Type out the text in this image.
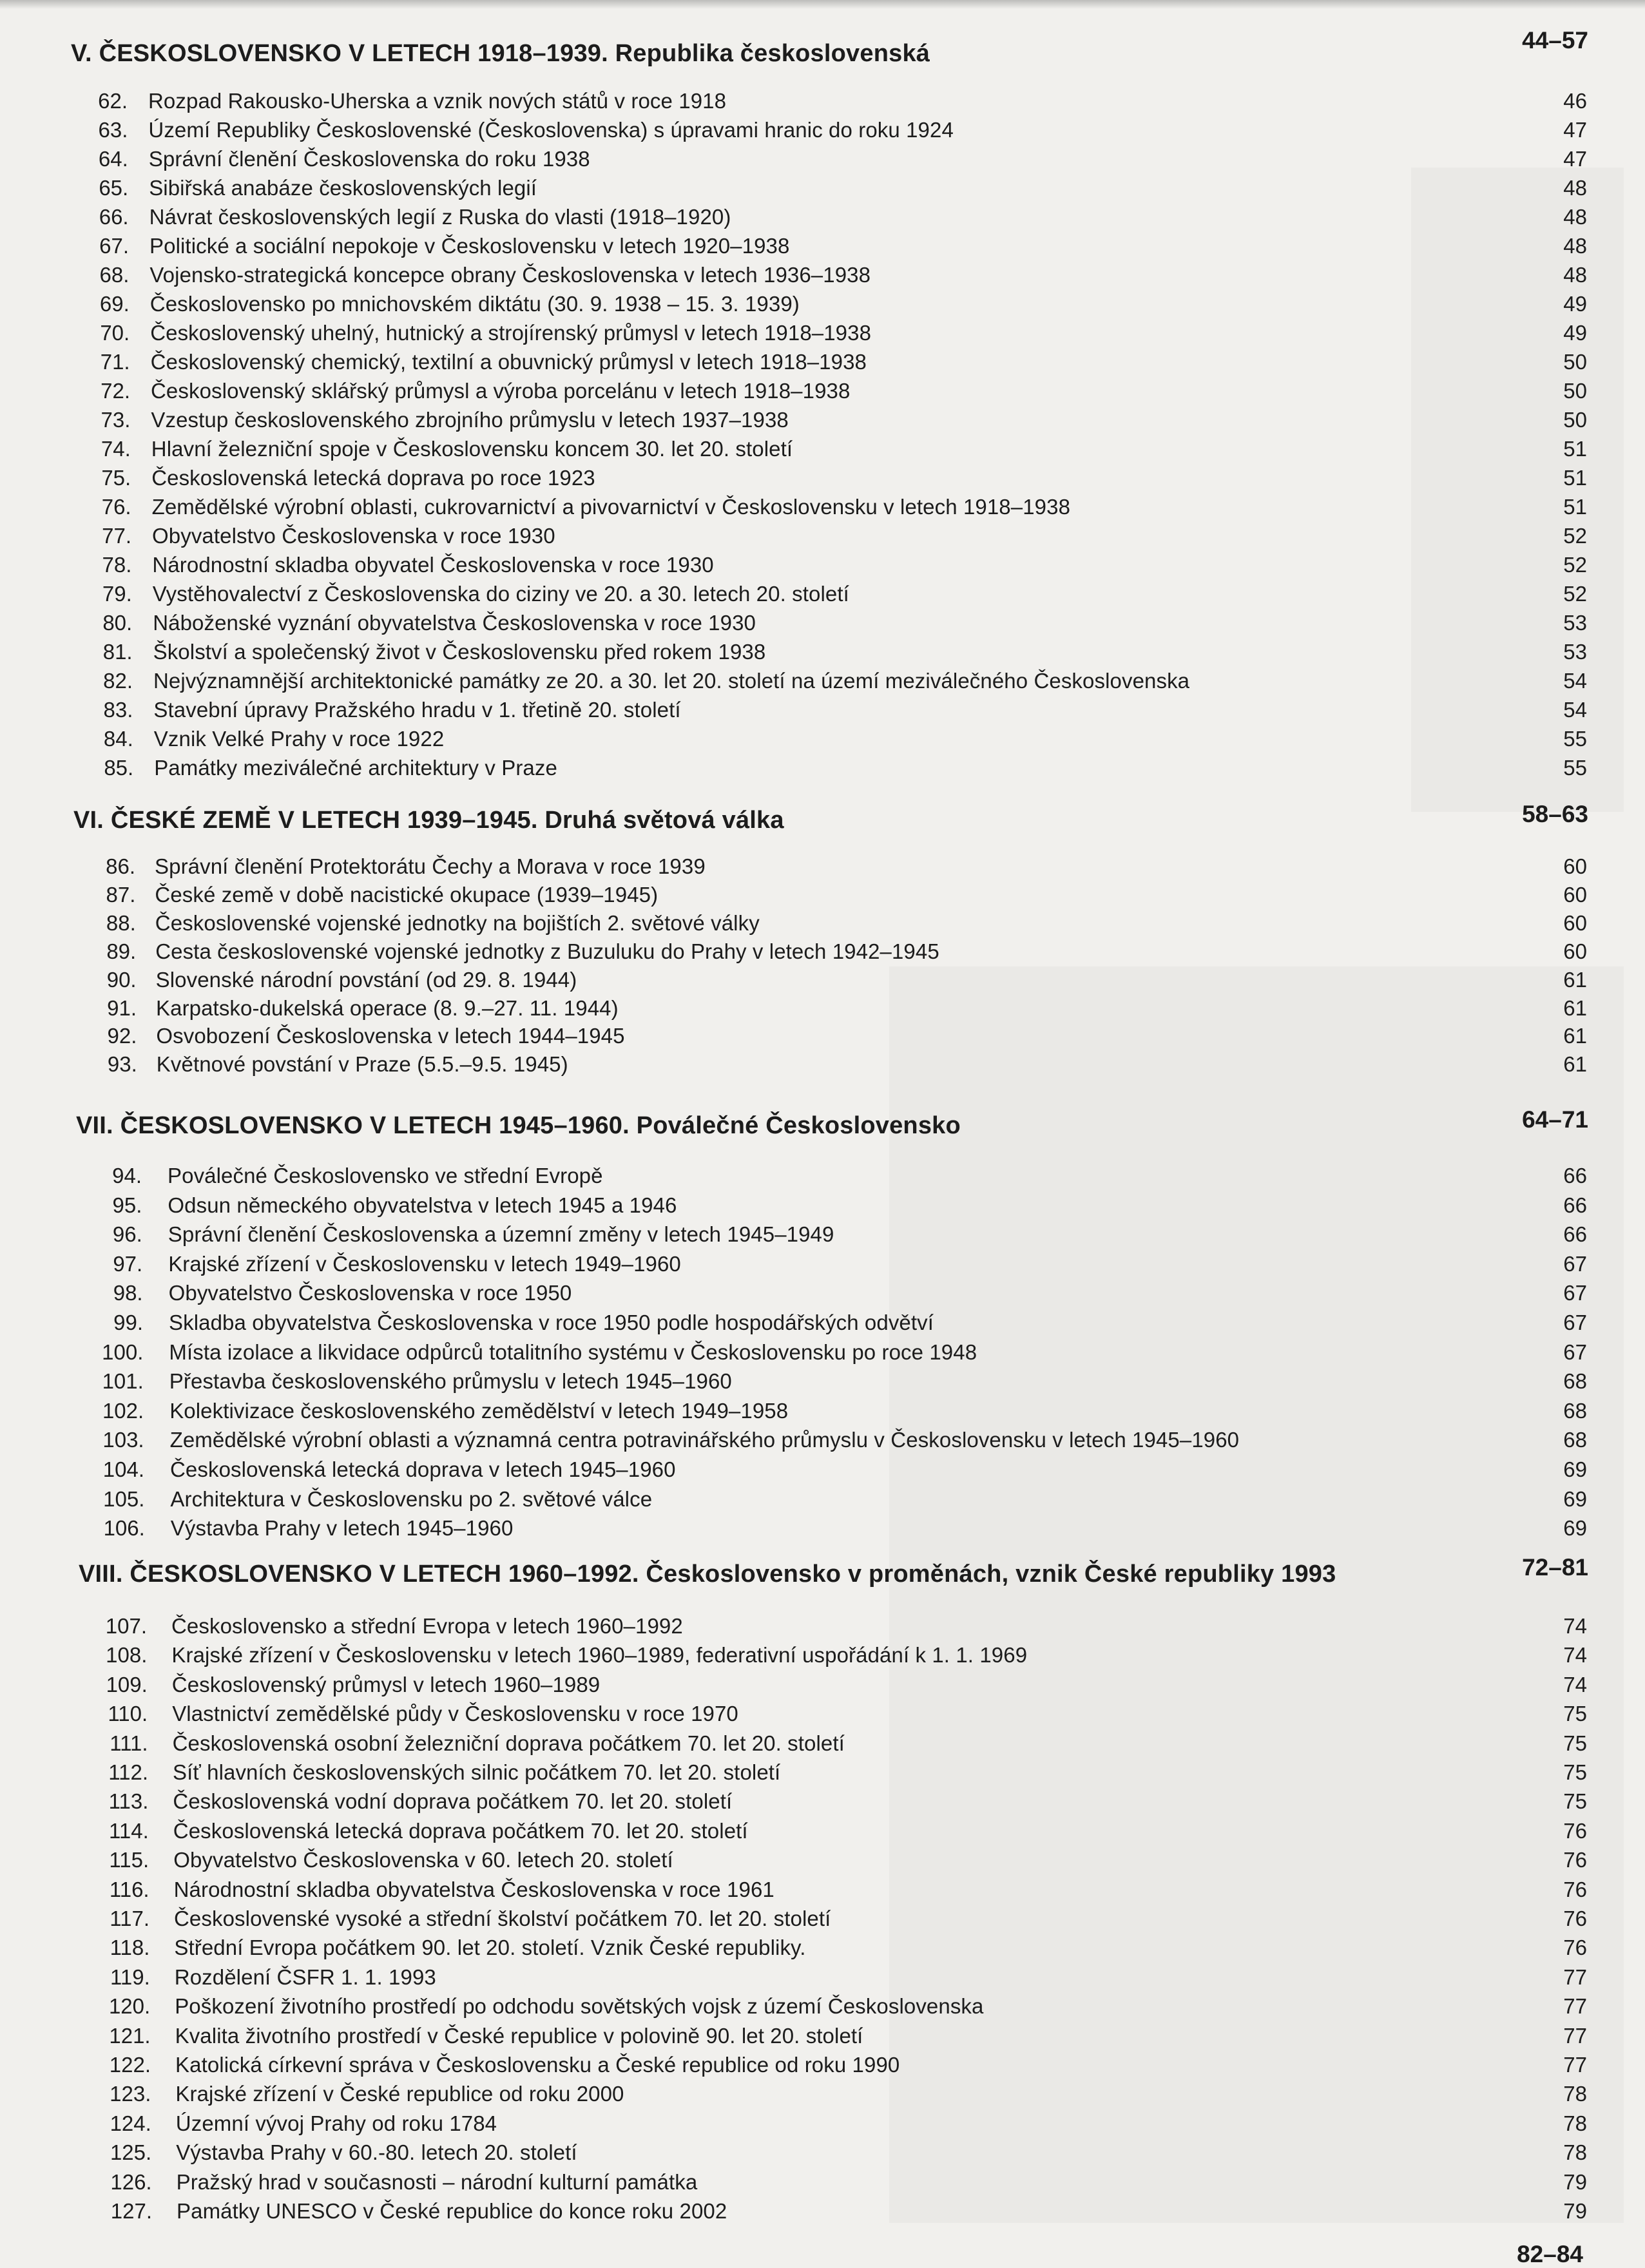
V. ČESKOSLOVENSKO V LETECH 1918–1939. Republika československá	44–57
62. Rozpad Rakousko-Uherska a vznik nových států v roce 1918	46
63. Území Republiky Československé (Československa) s úpravami hranic do roku 1924	47
64. Správní členění Československa do roku 1938	47
65. Sibiřská anabáze československých legií	48
66. Návrat československých legií z Ruska do vlasti (1918–1920)	48
67. Politické a sociální nepokoje v Československu v letech 1920–1938	48
68. Vojensko-strategická koncepce obrany Československa v letech 1936–1938	48
69. Československo po mnichovském diktátu (30. 9. 1938 – 15. 3. 1939)	49
70. Československý uhelný, hutnický a strojírenský průmysl v letech 1918–1938	49
71. Československý chemický, textilní a obuvnický průmysl v letech 1918–1938	50
72. Československý sklářský průmysl a výroba porcelánu v letech 1918–1938	50
73. Vzestup československého zbrojního průmyslu v letech 1937–1938	50
74. Hlavní železniční spoje v Československu koncem 30. let 20. století	51
75. Československá letecká doprava po roce 1923	51
76. Zemědělské výrobní oblasti, cukrovarnictví a pivovarnictví v Československu v letech 1918–1938	51
77. Obyvatelstvo Československa v roce 1930	52
78. Národnostní skladba obyvatel Československa v roce 1930	52
79. Vystěhovalectví z Československa do ciziny ve 20. a 30. letech 20. století	52
80. Náboženské vyznání obyvatelstva Československa v roce 1930	53
81. Školství a společenský život v Československu před rokem 1938	53
82. Nejvýznamnější architektonické památky ze 20. a 30. let 20. století na území meziválečného Československa	54
83. Stavební úpravy Pražského hradu v 1. třetině 20. století	54
84. Vznik Velké Prahy v roce 1922	55
85. Památky meziválečné architektury v Praze	55
VI. ČESKÉ ZEMĚ V LETECH 1939–1945. Druhá světová válka	58–63
86. Správní členění Protektorátu Čechy a Morava v roce 1939	60
87. České země v době nacistické okupace (1939–1945)	60
88. Československé vojenské jednotky na bojištích 2. světové války	60
89. Cesta československé vojenské jednotky z Buzuluku do Prahy v letech 1942–1945	60
90. Slovenské národní povstání (od 29. 8. 1944)	61
91. Karpatsko-dukelská operace (8. 9.–27. 11. 1944)	61
92. Osvobození Československa v letech 1944–1945	61
93. Květnové povstání v Praze (5.5.–9.5. 1945)	61
VII. ČESKOSLOVENSKO V LETECH 1945–1960. Poválečné Československo	64–71
94. Poválečné Československo ve střední Evropě	66
95. Odsun německého obyvatelstva v letech 1945 a 1946	66
96. Správní členění Československa a územní změny v letech 1945–1949	66
97. Krajské zřízení v Československu v letech 1949–1960	67
98. Obyvatelstvo Československa v roce 1950	67
99. Skladba obyvatelstva Československa v roce 1950 podle hospodářských odvětví	67
100. Místa izolace a likvidace odpůrců totalitního systému v Československu po roce 1948	67
101. Přestavba československého průmyslu v letech 1945–1960	68
102. Kolektivizace československého zemědělství v letech 1949–1958	68
103. Zemědělské výrobní oblasti a významná centra potravinářského průmyslu v Československu v letech 1945–1960	68
104. Československá letecká doprava v letech 1945–1960	69
105. Architektura v Československu po 2. světové válce	69
106. Výstavba Prahy v letech 1945–1960	69
VIII. ČESKOSLOVENSKO V LETECH 1960–1992. Československo v proměnách, vznik České republiky 1993	72–81
107. Československo a střední Evropa v letech 1960–1992	74
108. Krajské zřízení v Československu v letech 1960–1989, federativní uspořádání k 1. 1. 1969	74
109. Československý průmysl v letech 1960–1989	74
110. Vlastnictví zemědělské půdy v Československu v roce 1970	75
111. Československá osobní železniční doprava počátkem 70. let 20. století	75
112. Síť hlavních československých silnic počátkem 70. let 20. století	75
113. Československá vodní doprava počátkem 70. let 20. století	75
114. Československá letecká doprava počátkem 70. let 20. století	76
115. Obyvatelstvo Československa v 60. letech 20. století	76
116. Národnostní skladba obyvatelstva Československa v roce 1961	76
117. Československé vysoké a střední školství počátkem 70. let 20. století	76
118. Střední Evropa počátkem 90. let 20. století. Vznik České republiky.	76
119. Rozdělení ČSFR 1. 1. 1993	77
120. Poškození životního prostředí po odchodu sovětských vojsk z území Československa	77
121. Kvalita životního prostředí v České republice v polovině 90. let 20. století	77
122. Katolická církevní správa v Československu a České republice od roku 1990	77
123. Krajské zřízení v České republice od roku 2000	78
124. Územní vývoj Prahy od roku 1784	78
125. Výstavba Prahy v 60.-80. letech 20. století	78
126. Pražský hrad v současnosti – národní kulturní památka	79
127. Památky UNESCO v České republice do konce roku 2002	79
82–84
